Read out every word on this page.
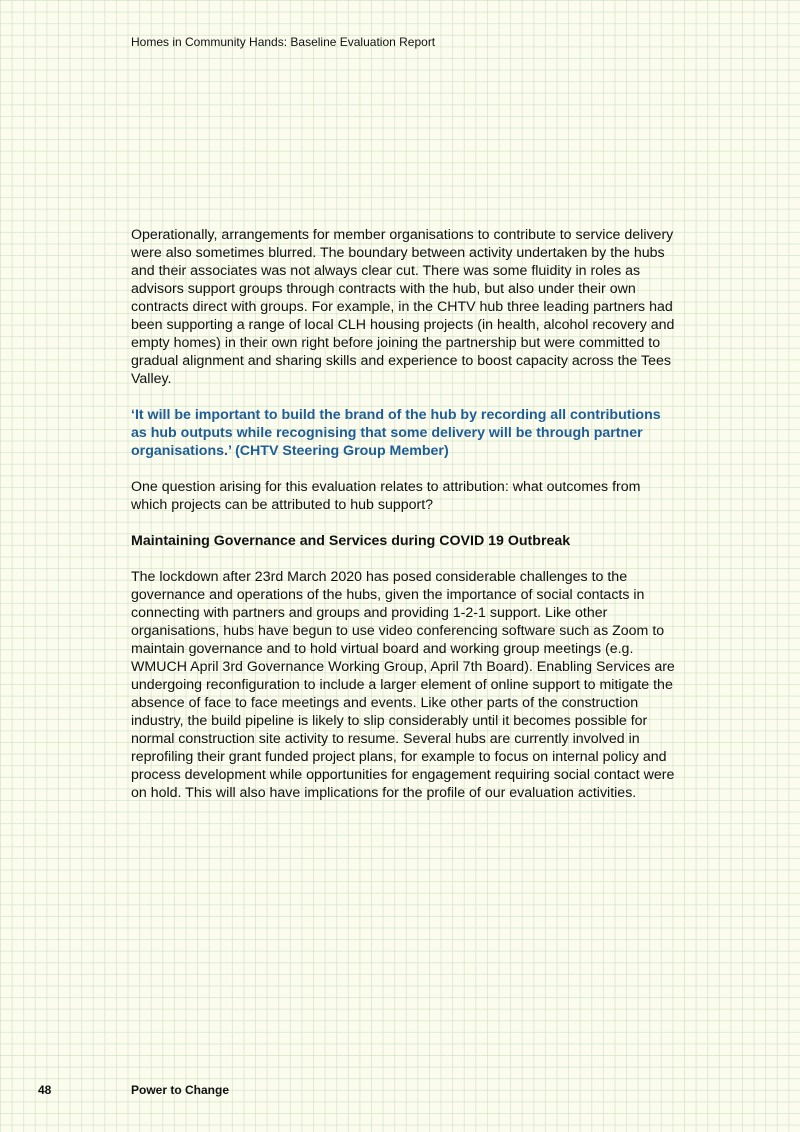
Homes in Community Hands: Baseline Evaluation Report

Operationally, arrangements for member organisations to contribute to service delivery were also sometimes blurred. The boundary between activity undertaken by the hubs and their associates was not always clear cut. There was some fluidity in roles as advisors support groups through contracts with the hub, but also under their own contracts direct with groups. For example, in the CHTV hub three leading partners had been supporting a range of local CLH housing projects (in health, alcohol recovery and empty homes) in their own right before joining the partnership but were committed to gradual alignment and sharing skills and experience to boost capacity across the Tees Valley.

‘It will be important to build the brand of the hub by recording all contributions as hub outputs while recognising that some delivery will be through partner organisations.’ (CHTV Steering Group Member)

One question arising for this evaluation relates to attribution: what outcomes from which projects can be attributed to hub support?

Maintaining Governance and Services during COVID 19 Outbreak

The lockdown after 23rd March 2020 has posed considerable challenges to the governance and operations of the hubs, given the importance of social contacts in connecting with partners and groups and providing 1-2-1 support. Like other organisations, hubs have begun to use video conferencing software such as Zoom to maintain governance and to hold virtual board and working group meetings (e.g. WMUCH April 3rd Governance Working Group, April 7th Board). Enabling Services are undergoing reconfiguration to include a larger element of online support to mitigate the absence of face to face meetings and events. Like other parts of the construction industry, the build pipeline is likely to slip considerably until it becomes possible for normal construction site activity to resume. Several hubs are currently involved in reprofiling their grant funded project plans, for example to focus on internal policy and process development while opportunities for engagement requiring social contact were on hold. This will also have implications for the profile of our evaluation activities.

48	Power to Change
